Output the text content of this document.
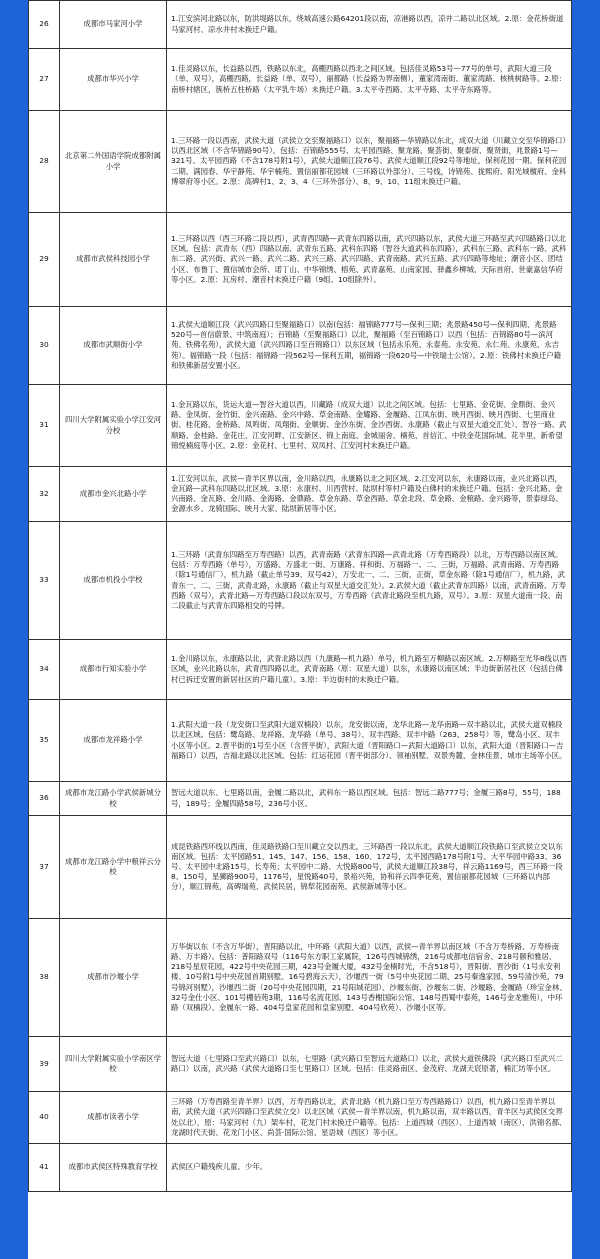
26	成都市马家河小学	1.江安滨河北路以东，防洪堤路以东，绕城高速公路64201段以南，凉港路以西，凉井二路以北区域。2.原：金花桥街道马家河村、凉水井村未换迁户籍。
27	成都市华兴小学	1.佳灵路以东，长益路以西，铁路以东北，高棚西路以西北之间区域。包括佳灵路53号—77号的单号，武阳大道三段（单、双号），高棚西路，长益路（单、双号），丽都路（长益路为界南侧），董家湾南街、董家湾路、核桃树路等。2.原：南桥村辖区，簇桥五柱桥路（太平乳牛场）未换迁户籍。3.太平寺西路、太平寺路、太平寺东路等。
28	北京第二外国语学院成都附属小学	1.三环路一段以西南，武侯大道（武侯立交至聚福路口）以东，聚福路—华锦路以东北，成双大道（川藏立交至华锦路口）以西北区域（不含华锦路90号）。包括：百锦路555号、太平园西路、聚龙路、聚荟街、聚泰街、聚贤街，兆景路1号—321号、太平园西路（不含178号附1号），武侯大道顺江段76号、武侯大道顺江段92号等地址，保利花园一期、保利花园二期、满园春、华宇静苑、华宇楠苑、置信丽都花园城（三环路以外部分）、三号线，诗锦苑、拢熙府、阳光城檀府、金科博翠府等小区。2.原：高碑村1、2、3、4（三环外部分）、8、9、10、11组未换迁户籍。
29	成都市武侯科技园小学	1.三环路以西（西三环路二段以西），武青西四路—武青东四路以南，武兴四路以东，武侯大道三环路至武兴四路路口以北区域。包括：武青东（西）四路以南、武青东五路、武科东四路（智谷大道武科东四路），武科东三路、武科东一路、武科东二路、武兴街、武兴一路、武兴二路、武兴三路、武兴四路、武青南路、武兴五路、武兴四路等地址；潮音小区、团结小区、布鲁丁、置信城市会所、诺丁山、中华锦绣、榕苑、武青嘉苑、山南家园、驿鑫乡柳城、天际首府、世豪嘉信华府等小区。2.原：瓦房村、潮音村未换迁户籍（9组、10组除外）。
30	成都市武顺街小学	1.武侯大道顺江段（武兴四路口至聚福路口）以南(包括：福锦路777号—保利三期；兆景路450号—保利四期、兆景路520号—首信蔚景、中筑南庭）；百锦路（至聚福路口）以北，聚福路（至百锦路口）以西（包括：百锦路80号—滨河苑、铁佛名苑），武侯大道（武兴四路口至百锦路口）以东区域（包括永乐苑、永泰苑、永安苑、永仁苑、永康苑、永吉苑）。福锦路一段（包括：福锦路一段562号—保利五期，福锦路一段620号—中铁瑞士公馆）。2.原：铁佛村未换迁户籍和铁佛新居安置小区。
31	四川大学附属实验小学江安河分校	1.金瓦路以东，货运大道—智谷大道以西，川藏路（成双大道）以北之间区域。包括：七里路、金花街、金鼎街、金兴路、金凤街、金竹街、金兴南路、金兴中路、草金南路、金耀路、金履路、江凤东街、映月西街、映月西街、七里商业街、桂花路、金桥路、凤鸣街、凤翔街、金顺街、金沙东街、金沙西街、永康路（截止与双星大道交汇处）、智谷一路、武顺路、金桂路、金花庄、江安河畔、江安新区、锦上南庭、金城丽舍、楠苑、首信汇、中铁金花国际城、花半里、新希望锦悦楠庭等小区。2.原：金花村、七里村、双凤村、江安河村未换迁户籍。
32	成都市金兴北路小学	1.江安河以东，武侯—青羊区界以南，金川路以西，永康路以北之间区域。2.江安河以东，永康路以南，业兴北路以西，金瓦路—武科东四路以北区域。3.原：永康村、川西营村、陆坝村等村户籍及白佛村的未换迁户籍。包括：金兴北路、金兴南路、金瓦路、金川路、金海路、金鼎路、草金东路、草金西路、草金北段、草金路、金粮路、金兴路等，景泰绿岛、金源水乡、龙骑国际、映月大家、陆坝新居等小区。
33	成都市机投小学校	1.三环路（武青东四路至万寿西路）以西，武青南路（武青东四路—武青北路（万寿西路段）以北，万寿西路以南区域。包括：万寿西路（单号），万盛路、万盛北一街、万康路、祥和街、万福路一、二、三街，万福路、武青南路、万寿西路（除1号通信厂），机九路（截止单号39、双号42），万安北一、二、三街，正街，草金东路（除1号通信厂），机九路，武青东一、二、三街，武青北路，永康路（截止与双星大道交汇处）。2.武侯大道（截止武青东四路）以南，武青南路、万寿西路（双号），武青北路—万寿西路口段以东双号，万寿西路（武青北路段至机九路，双号）。3.原：双星大道南一段、南二段截止与武青东四路相交的号牌。
34	成都市行知实验小学	1.金川路以东，永康路以北，武青北路以西（九康路—机九路）单号，机九路至万柳路以南区域。2.万柳路至光华8线以西区域，业兴北路以东，武青西四路以北，武青南路（原：双星大道）以东，永康路以南区域；半边街新居社区（包括白佛村已拆迁安置的新居社区的户籍儿童）。3.原：半边街村的未换迁户籍。
35	成都市龙祥路小学	1.武阳大道一段（龙安街口至武阳大道双楠段）以东，龙安街以南，龙华北路—龙华南路—双丰路以北，武侯大道双楠段以北区域。包括：鹭岛路、龙祥路、龙华路（单号、38号）、双丰西路、双丰中路（263、258号）等，鹭岛小区、双丰小区等小区。2.晋平街的1号至小区（含晋平街），武阳大道（晋阳路口—武阳大道路口）以东，武阳大道（晋阳路口—吉福路口）以西，吉福北路以北区域。包括：红运花园（晋平街部分）、领袖别墅、双景秀麓、金林佳景、城市主场等小区。
36	成都市龙江路小学武侯新城分校	智远大道以东、七里路以南，金履二路以北，武科东一路以西区域。包括：智远二路777号；金履三路8号，55号，188号，189号；金履四路58号，236号小区。
37	成都市龙江路小学中粮祥云分校	成昆铁路西环线以西南，佳灵路铁路口至川藏立交以西北，三环路西一段以东北，武侯大道顺江段铁路口至武侯立交以东南区域。包括：太平园路51、145、147、156、158、160、172号，太平园西路178号附1号、大平华园中路33、36号、太平园中北路15号，长寿苑；太平园中二路、大悦路800号，武侯大道顺江段38号，祥云路1169号，西三环路一段8、150号，星狮路900号，1176号，星悦路40号，景裕兴苑，协和祥云四季花苑，置信丽都花园城（三环路以内部分），顺江锦苑，高碑瑞苑、武侯民居，锦犁花园南苑、武侯新城等小区。
38	成都市沙堰小学	万华街以东（不含万华街），晋阳路以北，中环路（武阳大道）以西，武侯—青羊界以南区域（不含万寿桥路、万寿桥南路、万丰路）。包括：普阳路双号（116号东方职工家属院，126号西城锦绣，216号成都电信宿舍、218号颐和雅居、218号星辰花园，422号中央花园三期，423号金履大厦，432号金楠时光，不含518号），晋阳街、晋沙街（1号永安利楼、10号附1号中央花园首期别墅、16号碧海云天），沙堰西一街（5号中央花园二期、25号秦逸家园、59号清沙苑，79号锦河别墅），沙堰西二街（20号中央花园四期，21号阳城花园）、沙堰东街、沙堰东二街、沙堰路、金履路（珍宝金林、32号金仕小区、101号棚佰苑3期，116号名流花园、143号香榭国际公馆、148号西蜀中泰苑，146号金龙雅苑），中环路（双楠段）、金履东一路、404号皇家花园和皇家别墅、404号欣苑）、沙堰小区等。
39	四川大学附属实验小学南区学校	智远大道（七里路口至武兴路口）以东，七里路（武兴路口至智远大道路口）以北，武侯大道铁佛段（武兴路口至武兴二路口）以南，武兴路（武侯大道路口至七里路口）区域。包括：佳灵路南区、金茂府、龙湖天宸原著，楠汇坊等小区。
40	成都市读者小学	三环路（万寿西路至青羊界）以西，万寿西路以北，武青北路（机九路口至万寿西路路口）以西，机九路口至青羊界以南，武侯大道（武兴四路口至武侯立交）以北区域（武侯—青羊界以南，机九路以南，双丰路以西，青羊区与武侯区交界处以北），原：马家河村（九）架车村，花龙门村未换迁户籍等。包括：上道西城（西区）、上道西城（南区）、洪锦名都、龙湖时代天街、花龙门小区、尚荟·国际公馆、星语城（西区）等小区。
41	成都市武侯区特殊教育学校	武侯区户籍残疾儿童、少年。
